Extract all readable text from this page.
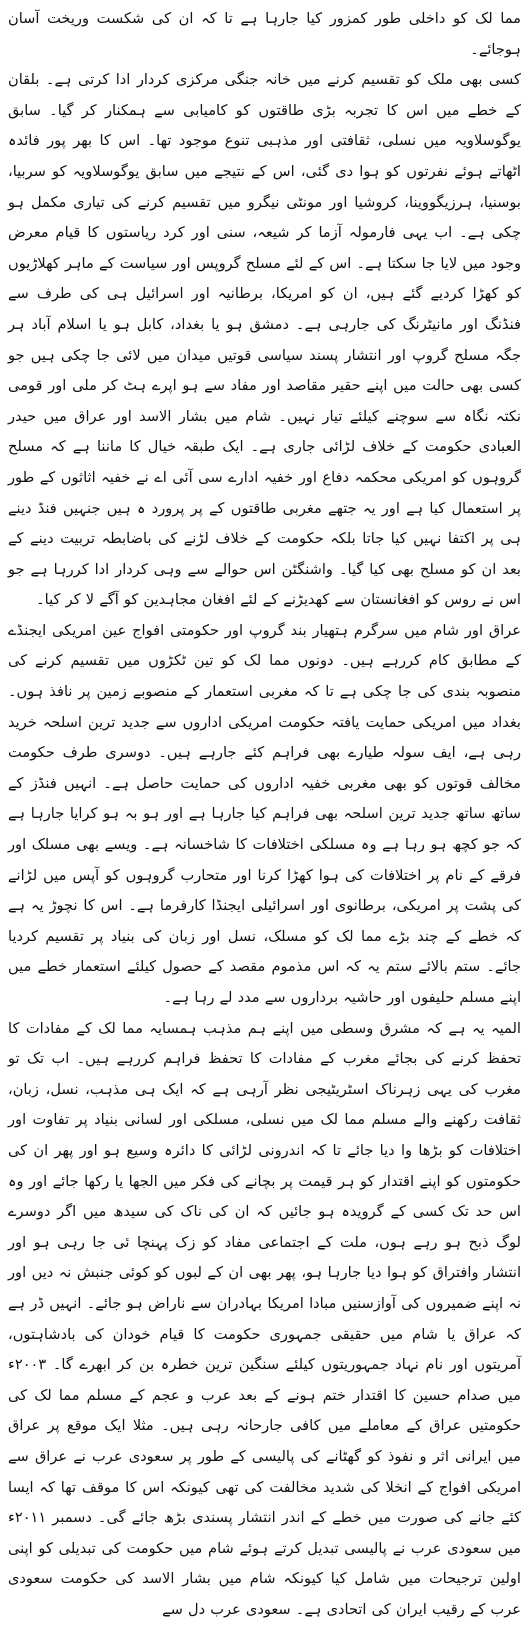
مما لک کو داخلی طور کمزور کیا جارہا ہے تا کہ ان کی شکست وریخت آسان ہوجائے۔

کسی بھی ملک کو تقسیم کرنے میں خانہ جنگی مرکزی کردار ادا کرتی ہے۔ بلقان کے خطے میں اس کا تجربہ بڑی طاقتوں کو کامیابی سے ہمکنار کر گیا۔ سابق یوگوسلاویہ میں نسلی، ثقافتی اور مذہبی تنوع موجود تھا۔ اس کا بھر پور فائدہ اٹھاتے ہوئے نفرتوں کو ہوا دی گئی، اس کے نتیجے میں سابق یوگوسلاویہ کو سربیا، بوسنیا، ہرزیگووینا، کروشیا اور مونٹی نیگرو میں تقسیم کرنے کی تیاری مکمل ہو چکی ہے۔ اب یہی فارمولہ آزما کر شیعہ، سنی اور کرد ریاستوں کا قیام معرض وجود میں لایا جا سکتا ہے۔ اس کے لئے مسلح گروپس اور سیاست کے ماہر کھلاڑیوں کو کھڑا کردیے گئے ہیں، ان کو امریکا، برطانیہ اور اسرائیل ہی کی طرف سے فنڈنگ اور مانیٹرنگ کی جارہی ہے۔ دمشق ہو یا بغداد، کابل ہو یا اسلام آباد ہر جگہ مسلح گروپ اور انتشار پسند سیاسی قوتیں میدان میں لائی جا چکی ہیں جو کسی بھی حالت میں اپنے حقیر مقاصد اور مفاد سے ہو اپرے ہٹ کر ملی اور قومی نکتہ نگاہ سے سوچنے کیلئے تیار نہیں۔ شام میں بشار الاسد اور عراق میں حیدر العبادی حکومت کے خلاف لڑائی جاری ہے۔ ایک طبقہ خیال کا ماننا ہے کہ مسلح گروہوں کو امریکی محکمہ دفاع اور خفیہ ادارے سی آئی اے نے خفیہ اثاثوں کے طور پر استعمال کیا ہے اور یہ جتھے مغربی طاقتوں کے پر پرورد ہ ہیں جنہیں فنڈ دینے ہی پر اکتفا نہیں کیا جاتا بلکہ حکومت کے خلاف لڑنے کی باضابطہ تربیت دینے کے بعد ان کو مسلح بھی کیا گیا۔ واشنگٹن اس حوالے سے وہی کردار ادا کررہا ہے جو اس نے روس کو افغانستان سے کھدیڑنے کے لئے افغان مجاہدین کو آگے لا کر کیا۔

عراق اور شام میں سرگرم ہتھیار بند گروپ اور حکومتی افواج عین امریکی ایجنڈے کے مطابق کام کررہے ہیں۔ دونوں مما لک کو تین ٹکڑوں میں تقسیم کرنے کی منصوبہ بندی کی جا چکی ہے تا کہ مغربی استعمار کے منصوبے زمین پر نافذ ہوں۔ بغداد میں امریکی حمایت یافتہ حکومت امریکی اداروں سے جدید ترین اسلحہ خرید رہی ہے، ایف سولہ طیارے بھی فراہم کئے جارہے ہیں۔ دوسری طرف حکومت مخالف قوتوں کو بھی مغربی خفیہ اداروں کی حمایت حاصل ہے۔ انہیں فنڈز کے ساتھ ساتھ جدید ترین اسلحہ بھی فراہم کیا جارہا ہے اور ہو بہ ہو کرایا جارہا ہے کہ جو کچھ ہو رہا ہے وہ مسلکی اختلافات کا شاخسانہ ہے۔ ویسے بھی مسلک اور فرقے کے نام پر اختلافات کی ہوا کھڑا کرنا اور متحارب گروہوں کو آپس میں لڑانے کی پشت پر امریکی، برطانوی اور اسرائیلی ایجنڈا کارفرما ہے۔ اس کا نچوڑ یہ ہے کہ خطے کے چند بڑے مما لک کو مسلک، نسل اور زبان کی بنیاد پر تقسیم کردیا جائے۔ ستم بالائے ستم یہ کہ اس مذموم مقصد کے حصول کیلئے استعمار خطے میں اپنے مسلم حلیفوں اور حاشیہ برداروں سے مدد لے رہا ہے۔

المیہ یہ ہے کہ مشرق وسطی میں اپنے ہم مذہب ہمسایہ مما لک کے مفادات کا تحفظ کرنے کی بجائے مغرب کے مفادات کا تحفظ فراہم کررہے ہیں۔ اب تک تو مغرب کی یہی زہرناک اسٹریٹیجی نظر آرہی ہے کہ ایک ہی مذہب، نسل، زبان، ثقافت رکھنے والے مسلم مما لک میں نسلی، مسلکی اور لسانی بنیاد پر تفاوت اور اختلافات کو بڑھا وا دیا جائے تا کہ اندرونی لڑائی کا دائرہ وسیع ہو اور پھر ان کی حکومتوں کو اپنے اقتدار کو ہر قیمت پر بچانے کی فکر میں الجھا یا رکھا جائے اور وہ اس حد تک کسی کے گرویدہ ہو جائیں کہ ان کی ناک کی سیدھ میں اگر دوسرے لوگ ذبح ہو رہے ہوں، ملت کے اجتماعی مفاد کو زک پہنچا ئی جا رہی ہو اور انتشار وافتراق کو ہوا دیا جارہا ہو، پھر بھی ان کے لبوں کو کوئی جنبش نہ دیں اور نہ اپنے ضمیروں کی آوازسنیں مبادا امریکا بہادران سے ناراض ہو جائے۔ انہیں ڈر ہے کہ عراق یا شام میں حقیقی جمہوری حکومت کا قیام خودان کی بادشاہتوں، آمریتوں اور نام نہاد جمہوریتوں کیلئے سنگین ترین خطرہ بن کر ابھرے گا۔ ۲۰۰۳ء میں صدام حسین کا اقتدار ختم ہونے کے بعد عرب و عجم کے مسلم مما لک کی حکومتیں عراق کے معاملے میں کافی جارحانہ رہی ہیں۔ مثلا ایک موقع پر عراق میں ایرانی اثر و نفوذ کو گھٹانے کی پالیسی کے طور پر سعودی عرب نے عراق سے امریکی افواج کے انخلا کی شدید مخالفت کی تھی کیونکہ اس کا موقف تھا کہ ایسا کئے جانے کی صورت میں خطے کے اندر انتشار پسندی بڑھ جائے گی۔ دسمبر ۲۰۱۱ء میں سعودی عرب نے پالیسی تبدیل کرتے ہوئے شام میں حکومت کی تبدیلی کو اپنی اولین ترجیحات میں شامل کیا کیونکہ شام میں بشار الاسد کی حکومت سعودی عرب کے رقیب ایران کی اتحادی ہے۔ سعودی عرب دل سے
